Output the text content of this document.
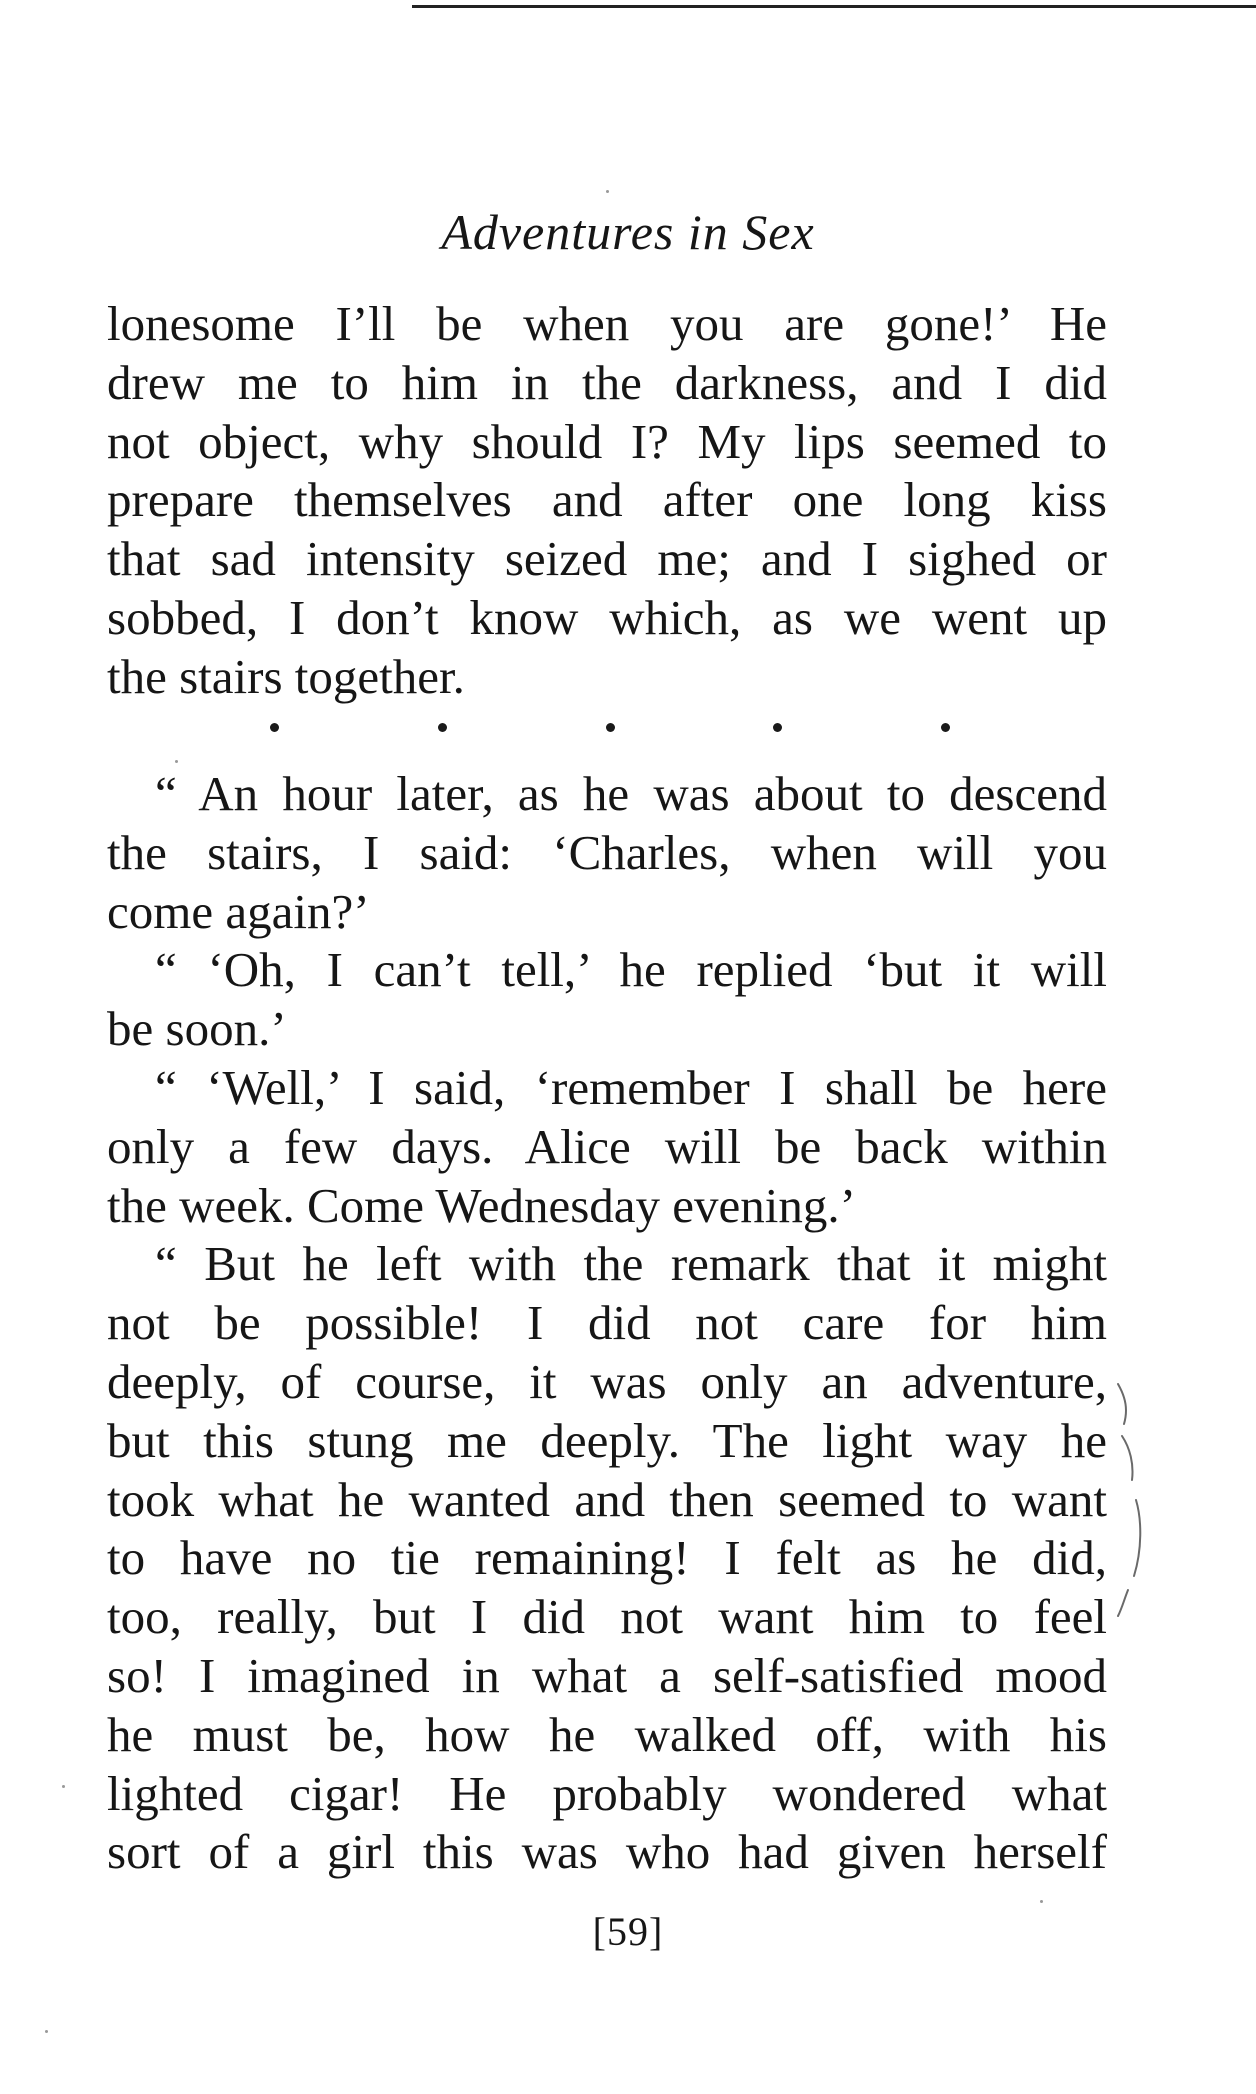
Adventures in Sex
lonesome I’ll be when you are gone!’ He
drew me to him in the darkness, and I did
not object, why should I? My lips seemed to
prepare themselves and after one long kiss
that sad intensity seized me; and I sighed or
sobbed, I don’t know which, as we went up
the stairs together.
“ An hour later, as he was about to descend
the stairs, I said: ‘Charles, when will you
come again?’
“ ‘Oh, I can’t tell,’ he replied ‘but it will
be soon.’
“ ‘Well,’ I said, ‘remember I shall be here
only a few days. Alice will be back within
the week. Come Wednesday evening.’
“ But he left with the remark that it might
not be possible! I did not care for him
deeply, of course, it was only an adventure,
but this stung me deeply. The light way he
took what he wanted and then seemed to want
to have no tie remaining! I felt as he did,
too, really, but I did not want him to feel
so! I imagined in what a self-satisfied mood
he must be, how he walked off, with his
lighted cigar! He probably wondered what
sort of a girl this was who had given herself
[59]
